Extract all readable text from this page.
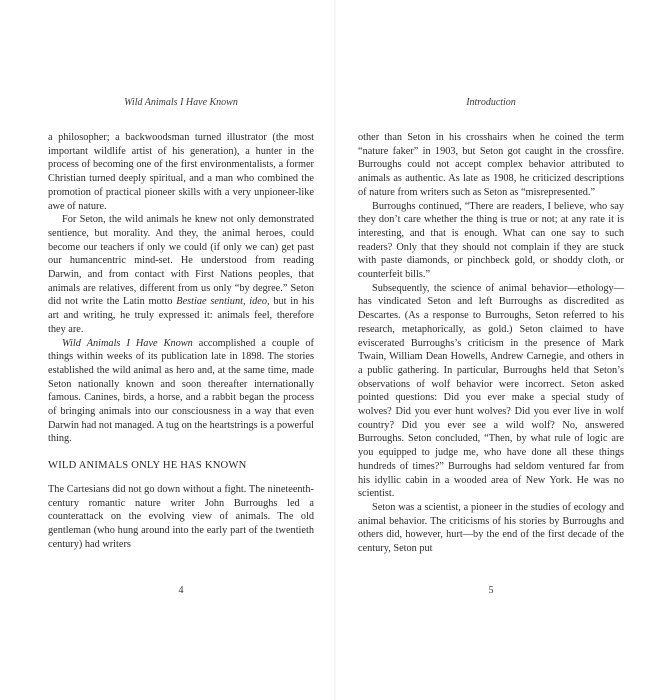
Wild Animals I Have Known

a philosopher; a backwoodsman turned illustrator (the most important wildlife artist of his generation), a hunter in the process of becoming one of the first environmentalists, a former Christian turned deeply spiritual, and a man who combined the promotion of practical pioneer skills with a very unpioneer-like awe of nature.

For Seton, the wild animals he knew not only demonstrated sentience, but morality. And they, the animal heroes, could become our teachers if only we could (if only we can) get past our humancentric mind-set. He understood from reading Darwin, and from contact with First Nations peoples, that animals are relatives, different from us only “by degree.” Seton did not write the Latin motto Bestiae sentiunt, ideo, but in his art and writing, he truly expressed it: animals feel, therefore they are.

Wild Animals I Have Known accomplished a couple of things within weeks of its publication late in 1898. The stories established the wild animal as hero and, at the same time, made Seton nationally known and soon thereafter internationally famous. Canines, birds, a horse, and a rabbit began the process of bringing animals into our consciousness in a way that even Darwin had not managed. A tug on the heartstrings is a powerful thing.

WILD ANIMALS ONLY HE HAS KNOWN

The Cartesians did not go down without a fight. The nineteenth-century romantic nature writer John Burroughs led a counterattack on the evolving view of animals. The old gentleman (who hung around into the early part of the twentieth century) had writers

4
Introduction

other than Seton in his crosshairs when he coined the term “nature faker” in 1903, but Seton got caught in the crossfire. Burroughs could not accept complex behavior attributed to animals as authentic. As late as 1908, he criticized descriptions of nature from writers such as Seton as “misrepresented.”

Burroughs continued, “There are readers, I believe, who say they don’t care whether the thing is true or not; at any rate it is interesting, and that is enough. What can one say to such readers? Only that they should not complain if they are stuck with paste diamonds, or pinchbeck gold, or shoddy cloth, or counterfeit bills.”

Subsequently, the science of animal behavior—ethology—has vindicated Seton and left Burroughs as discredited as Descartes. (As a response to Burroughs, Seton referred to his research, metaphorically, as gold.) Seton claimed to have eviscerated Burroughs’s criticism in the presence of Mark Twain, William Dean Howells, Andrew Carnegie, and others in a public gathering. In particular, Burroughs held that Seton’s observations of wolf behavior were incorrect. Seton asked pointed questions: Did you ever make a special study of wolves? Did you ever hunt wolves? Did you ever live in wolf country? Did you ever see a wild wolf? No, answered Burroughs. Seton concluded, “Then, by what rule of logic are you equipped to judge me, who have done all these things hundreds of times?” Burroughs had seldom ventured far from his idyllic cabin in a wooded area of New York. He was no scientist.

Seton was a scientist, a pioneer in the studies of ecology and animal behavior. The criticisms of his stories by Burroughs and others did, however, hurt—by the end of the first decade of the century, Seton put

5
